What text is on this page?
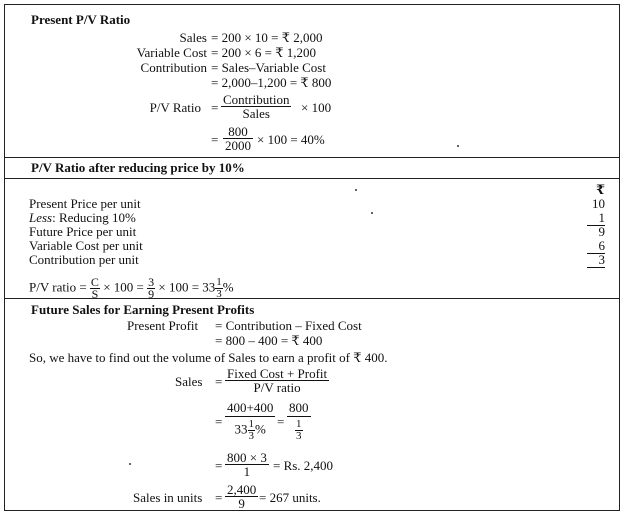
Present P/V Ratio
Sales = 200 × 10 = ₹ 2,000
Variable Cost = 200 × 6 = ₹ 1,200
Contribution = Sales–Variable Cost
= 2,000–1,200 = ₹ 800
P/V Ratio =
Contribution
Sales	× 100
= $\frac{800}{2000} \times 100 = 40\%$
P/V Ratio after reducing price by 10%
₹
Present Price per unit	10
Less: Reducing 10%	1
Future Price per unit	9
Variable Cost per unit	6
Contribution per unit	3
P/V ratio = $\frac{C}{S} \times 100 = \frac{3}{9} \times 100 = 33 \frac{1}{3}$ %
Future Sales for Earning Present Profits
Present Profit = Contribution – Fixed Cost
= 800 – 400 = ₹ 400
So, we have to find out the volume of Sales to earn a profit of ₹ 400.
Sales =
Fixed Cost + Profit
P/V ratio
= $\frac{400+400}{33 \frac{1}{3} \%} = \frac{800}{\frac{1}{3}}$
= $\frac{800 \times 3}{1} = Rs$. 2,400
Sales in units = $\frac{2,400}{9} = 267$ units.
